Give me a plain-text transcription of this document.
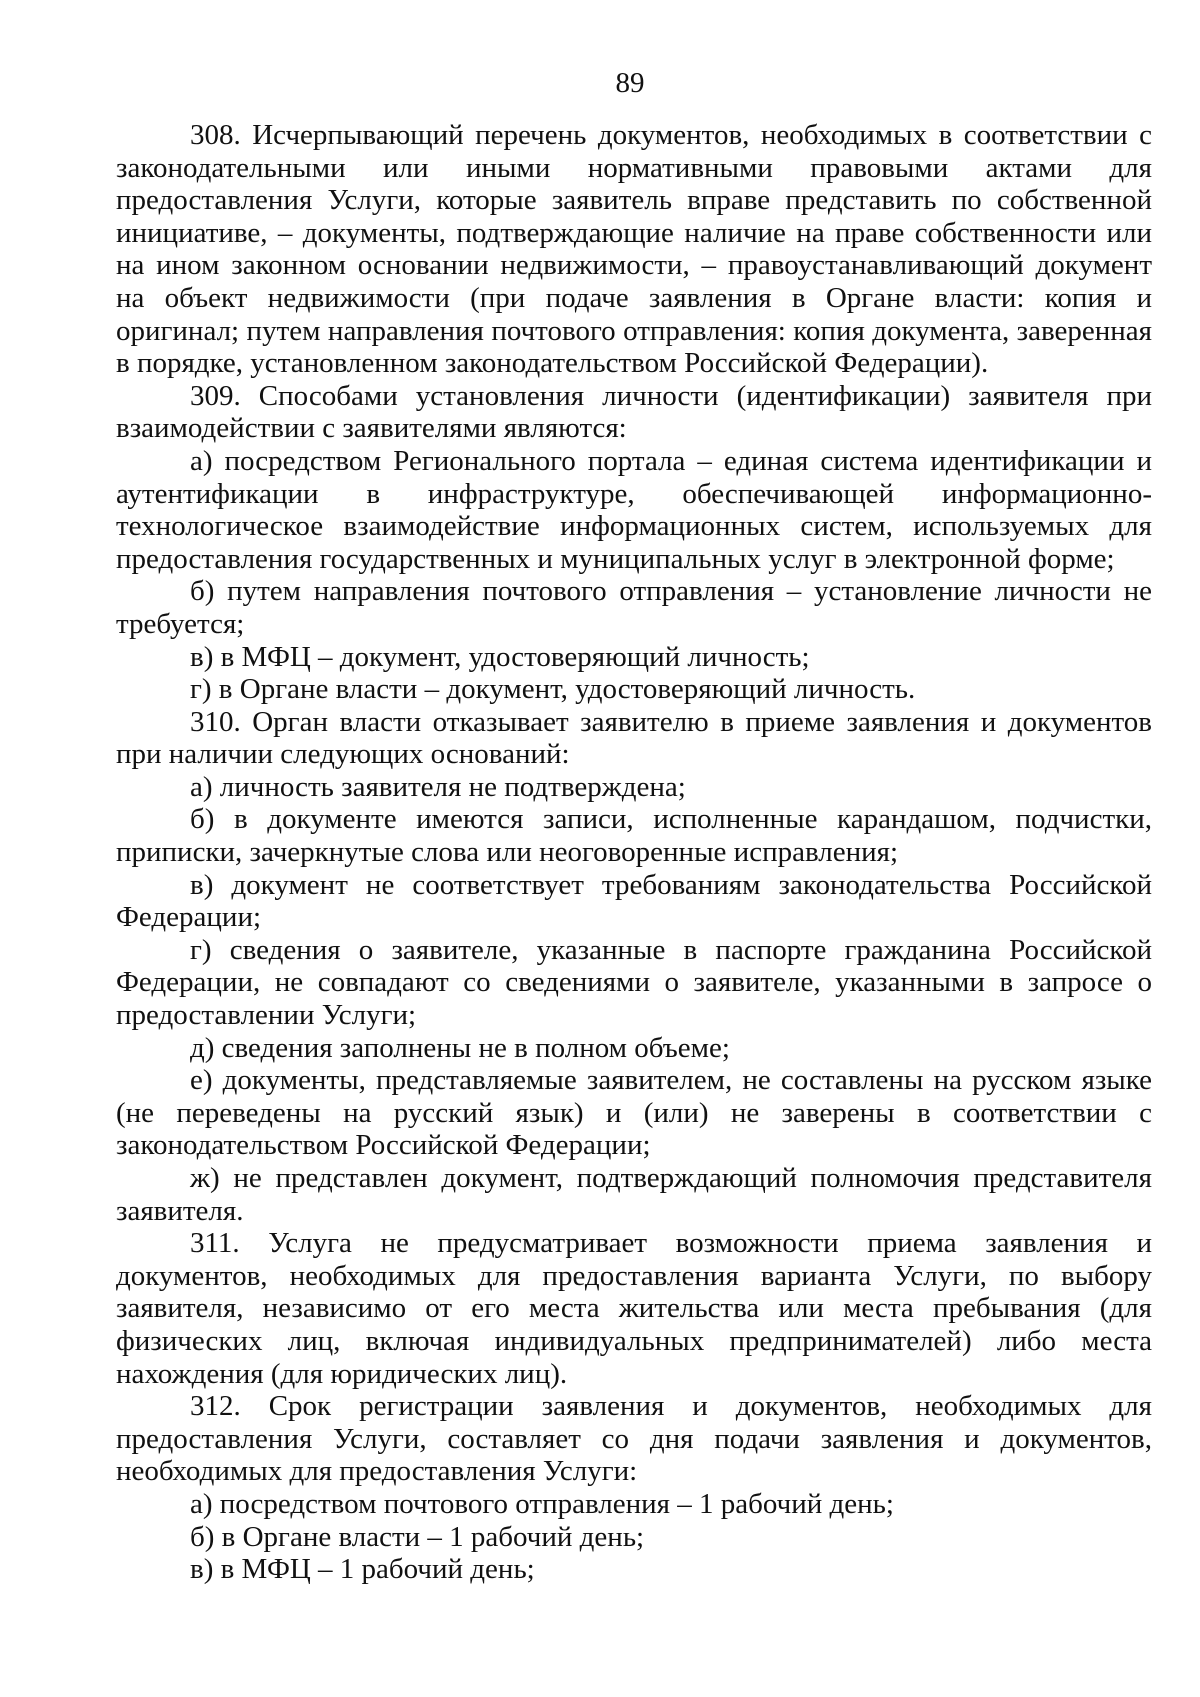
89

308. Исчерпывающий перечень документов, необходимых в соответствии с законодательными или иными нормативными правовыми актами для предоставления Услуги, которые заявитель вправе представить по собственной инициативе, – документы, подтверждающие наличие на праве собственности или на ином законном основании недвижимости, – правоустанавливающий документ на объект недвижимости (при подаче заявления в Органе власти: копия и оригинал; путем направления почтового отправления: копия документа, заверенная в порядке, установленном законодательством Российской Федерации).

309. Способами установления личности (идентификации) заявителя при взаимодействии с заявителями являются:

а) посредством Регионального портала – единая система идентификации и аутентификации в инфраструктуре, обеспечивающей информационно-технологическое взаимодействие информационных систем, используемых для предоставления государственных и муниципальных услуг в электронной форме;

б) путем направления почтового отправления – установление личности не требуется;

в) в МФЦ – документ, удостоверяющий личность;

г) в Органе власти – документ, удостоверяющий личность.

310. Орган власти отказывает заявителю в приеме заявления и документов при наличии следующих оснований:

а) личность заявителя не подтверждена;

б) в документе имеются записи, исполненные карандашом, подчистки, приписки, зачеркнутые слова или неоговоренные исправления;

в) документ не соответствует требованиям законодательства Российской Федерации;

г) сведения о заявителе, указанные в паспорте гражданина Российской Федерации, не совпадают со сведениями о заявителе, указанными в запросе о предоставлении Услуги;

д) сведения заполнены не в полном объеме;

е) документы, представляемые заявителем, не составлены на русском языке (не переведены на русский язык) и (или) не заверены в соответствии с законодательством Российской Федерации;

ж) не представлен документ, подтверждающий полномочия представителя заявителя.

311. Услуга не предусматривает возможности приема заявления и документов, необходимых для предоставления варианта Услуги, по выбору заявителя, независимо от его места жительства или места пребывания (для физических лиц, включая индивидуальных предпринимателей) либо места нахождения (для юридических лиц).

312. Срок регистрации заявления и документов, необходимых для предоставления Услуги, составляет со дня подачи заявления и документов, необходимых для предоставления Услуги:

а) посредством почтового отправления – 1 рабочий день;

б) в Органе власти – 1 рабочий день;

в) в МФЦ – 1 рабочий день;
